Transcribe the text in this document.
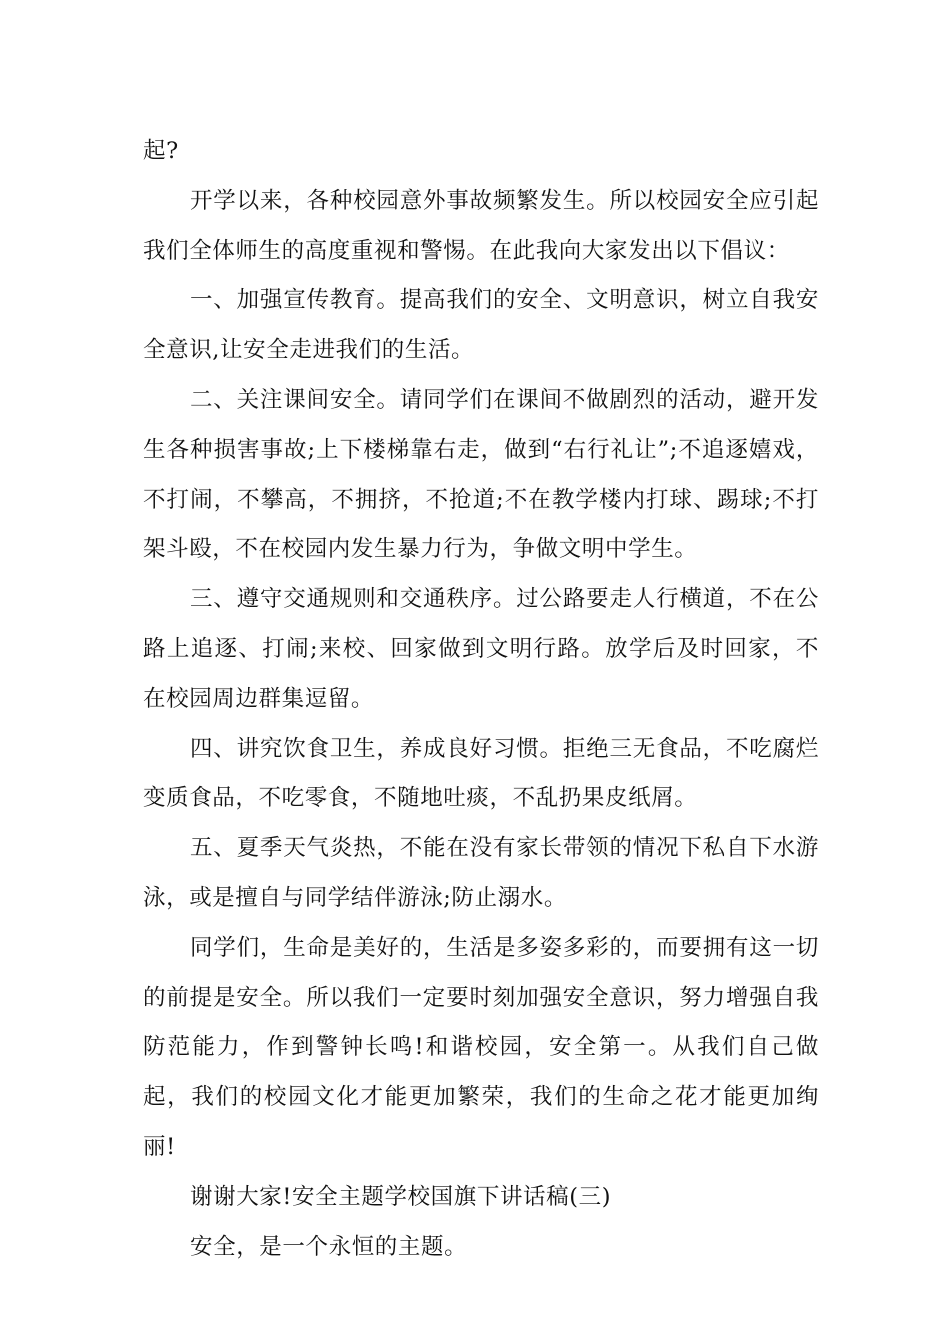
起?

开学以来，各种校园意外事故频繁发生。所以校园安全应引起我们全体师生的高度重视和警惕。在此我向大家发出以下倡议：

一、加强宣传教育。提高我们的安全、文明意识，树立自我安全意识,让安全走进我们的生活。

二、关注课间安全。请同学们在课间不做剧烈的活动，避开发生各种损害事故;上下楼梯靠右走，做到“右行礼让”;不追逐嬉戏，不打闹，不攀高，不拥挤，不抢道;不在教学楼内打球、踢球;不打架斗殴，不在校园内发生暴力行为，争做文明中学生。

三、遵守交通规则和交通秩序。过公路要走人行横道，不在公路上追逐、打闹;来校、回家做到文明行路。放学后及时回家，不在校园周边群集逗留。

四、讲究饮食卫生，养成良好习惯。拒绝三无食品，不吃腐烂变质食品，不吃零食，不随地吐痰，不乱扔果皮纸屑。

五、夏季天气炎热，不能在没有家长带领的情况下私自下水游泳，或是擅自与同学结伴游泳;防止溺水。

同学们，生命是美好的，生活是多姿多彩的，而要拥有这一切的前提是安全。所以我们一定要时刻加强安全意识，努力增强自我防范能力，作到警钟长鸣!和谐校园，安全第一。从我们自己做起，我们的校园文化才能更加繁荣，我们的生命之花才能更加绚丽!

谢谢大家!安全主题学校国旗下讲话稿(三)

安全，是一个永恒的主题。
